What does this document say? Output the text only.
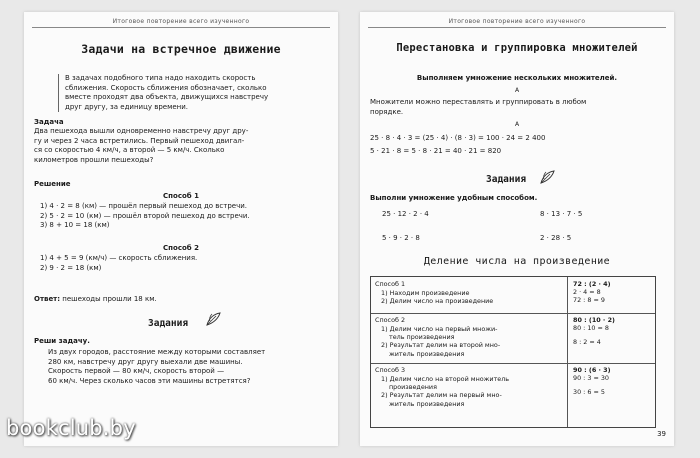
Итоговое повторение всего изученного
Задачи на встречное движение
В задачах подобного типа надо находить скорость
сближения. Скорость сближения обозначает, сколько
вместе проходят два объекта, движущихся навстречу
друг другу, за единицу времени.
Задача
Два пешехода вышли одновременно навстречу друг дру-
гу и через 2 часа встретились. Первый пешеход двигал-
ся со скоростью 4 км/ч, а второй — 5 км/ч. Сколько
километров прошли пешеходы?
Решение
Способ 1
1) 4 · 2 = 8 (км) — прошёл первый пешеход до встречи.
2) 5 · 2 = 10 (км) — прошёл второй пешеход до встречи.
3) 8 + 10 = 18 (км)
Способ 2
1) 4 + 5 = 9 (км/ч) — скорость сближения.
2) 9 · 2 = 18 (км)
Ответ: пешеходы прошли 18 км.
Задания
Реши задачу.
Из двух городов, расстояние между которыми составляет
280 км, навстречу друг другу выехали две машины.
Скорость первой — 80 км/ч, скорость второй —
60 км/ч. Через сколько часов эти машины встретятся?
Итоговое повторение всего изученного
Перестановка и группировка множителей
Выполняем умножение нескольких множителей.
А
Множители можно переставлять и группировать в любом
порядке.
А
25 · 8 · 4 · 3 = (25 · 4) · (8 · 3) = 100 · 24 = 2 400
5 · 21 · 8 = 5 · 8 · 21 = 40 · 21 = 820
Задания
Выполни умножение удобным способом.
25 · 12 · 2 · 4	8 · 13 · 7 · 5
5 · 9 · 2 · 8	2 · 28 · 5
Деление числа на произведение
Способ 1
1) Находим произведение
2) Делим число на произведение
72 : (2 · 4)
2 · 4 = 8
72 : 8 = 9
Способ 2
1) Делим число на первый множи-
тель произведения
2) Результат делим на второй мно-
житель произведения
80 : (10 · 2)
80 : 10 = 8
8 : 2 = 4
Способ 3
1) Делим число на второй множитель
произведения
2) Результат делим на первый мно-
житель произведения
90 : (6 · 3)
90 : 3 = 30
30 : 6 = 5
39
bookclub.by
